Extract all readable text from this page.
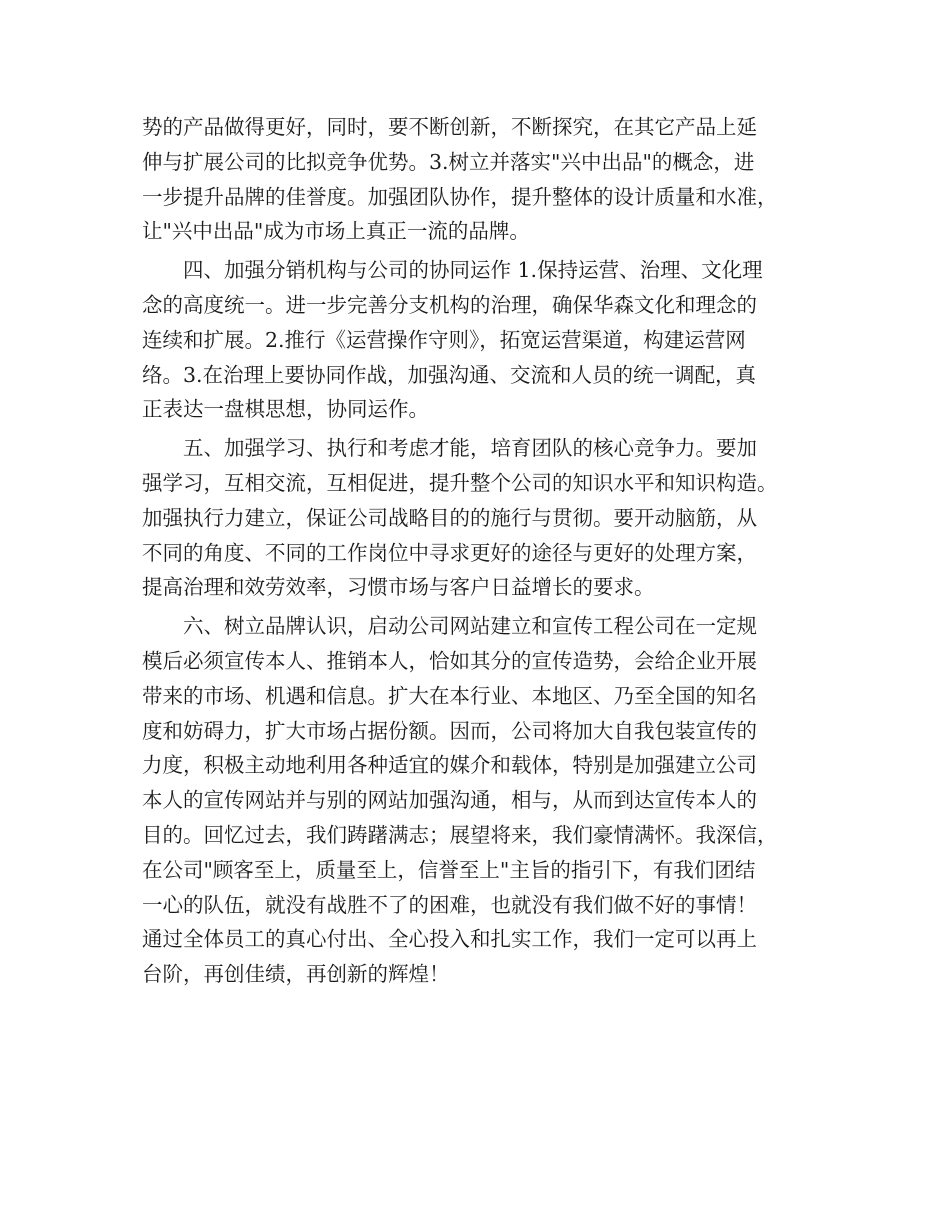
势的产品做得更好，同时，要不断创新，不断探究，在其它产品上延
伸与扩展公司的比拟竞争优势。3.树立并落实"兴中出品"的概念，进
一步提升品牌的佳誉度。加强团队协作，提升整体的设计质量和水准，
让"兴中出品"成为市场上真正一流的品牌。
　　四、加强分销机构与公司的协同运作 1.保持运营、治理、文化理
念的高度统一。进一步完善分支机构的治理，确保华森文化和理念的
连续和扩展。2.推行《运营操作守则》，拓宽运营渠道，构建运营网
络。3.在治理上要协同作战，加强沟通、交流和人员的统一调配，真
正表达一盘棋思想，协同运作。
　　五、加强学习、执行和考虑才能，培育团队的核心竞争力。要加
强学习，互相交流，互相促进，提升整个公司的知识水平和知识构造。
加强执行力建立，保证公司战略目的的施行与贯彻。要开动脑筋，从
不同的角度、不同的工作岗位中寻求更好的途径与更好的处理方案，
提高治理和效劳效率，习惯市场与客户日益增长的要求。
　　六、树立品牌认识，启动公司网站建立和宣传工程公司在一定规
模后必须宣传本人、推销本人，恰如其分的宣传造势，会给企业开展
带来的市场、机遇和信息。扩大在本行业、本地区、乃至全国的知名
度和妨碍力，扩大市场占据份额。因而，公司将加大自我包装宣传的
力度，积极主动地利用各种适宜的媒介和载体，特别是加强建立公司
本人的宣传网站并与别的网站加强沟通，相与，从而到达宣传本人的
目的。回忆过去，我们踌躇满志；展望将来，我们豪情满怀。我深信，
在公司"顾客至上，质量至上，信誉至上"主旨的指引下，有我们团结
一心的队伍，就没有战胜不了的困难，也就没有我们做不好的事情！
通过全体员工的真心付出、全心投入和扎实工作，我们一定可以再上
台阶，再创佳绩，再创新的辉煌！
